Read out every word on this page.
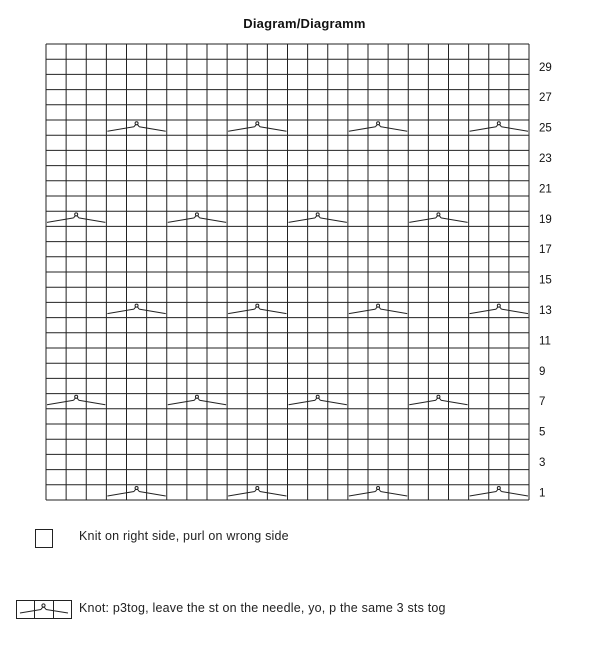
Diagram/Diagramm
29
27
25
23
21
19
17
15
13
11
9
7
5
3
1
Knit on right side, purl on wrong side
Knot: p3tog, leave the st on the needle, yo, p the same 3 sts tog
